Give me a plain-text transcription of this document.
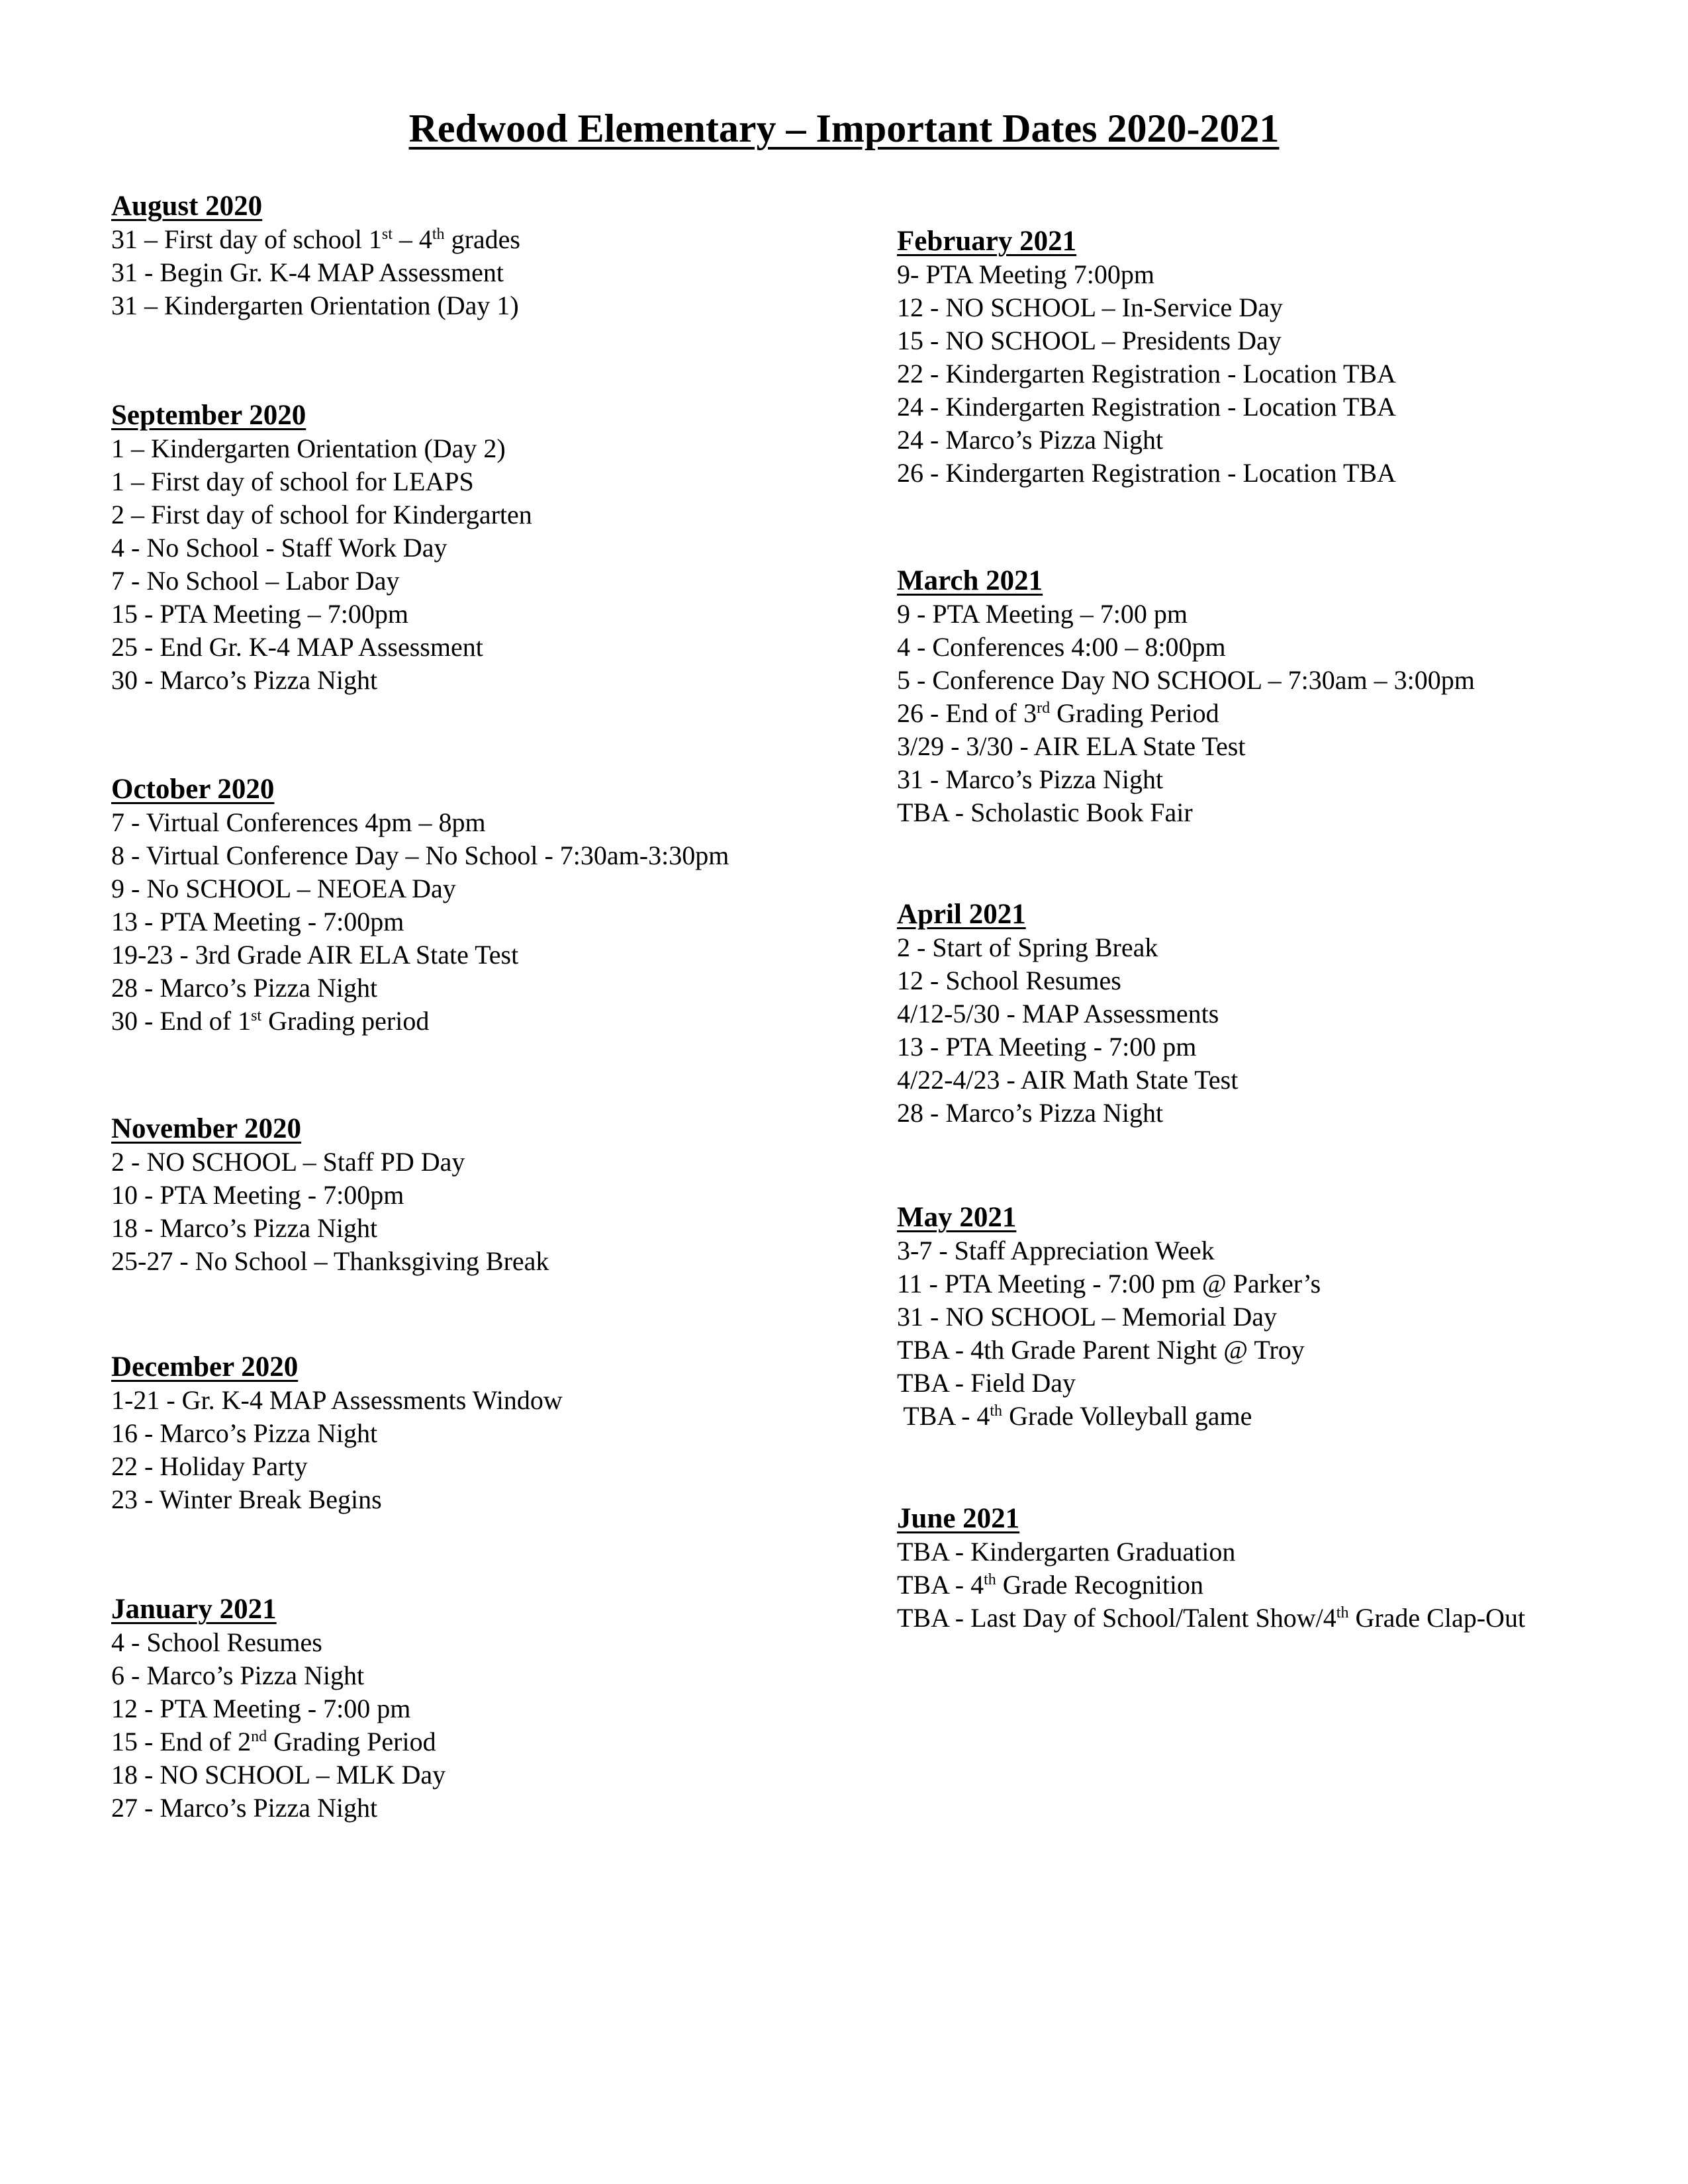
Redwood Elementary – Important Dates 2020-2021
August 2020
31 – First day of school 1st – 4th grades
31 - Begin Gr. K-4 MAP Assessment
31 – Kindergarten Orientation (Day 1)
September 2020
1 – Kindergarten Orientation (Day 2)
1 – First day of school for LEAPS
2 – First day of school for Kindergarten
4 - No School - Staff Work Day
7 - No School – Labor Day
15 - PTA Meeting – 7:00pm
25 - End Gr. K-4 MAP Assessment
30 - Marco’s Pizza Night
October 2020
7 - Virtual Conferences 4pm – 8pm
8 - Virtual Conference Day – No School - 7:30am-3:30pm
9 - No SCHOOL – NEOEA Day
13 - PTA Meeting - 7:00pm
19-23 - 3rd Grade AIR ELA State Test
28 - Marco’s Pizza Night
30 - End of 1st Grading period
November 2020
2 - NO SCHOOL – Staff PD Day
10 - PTA Meeting - 7:00pm
18 - Marco’s Pizza Night
25-27 - No School – Thanksgiving Break
December 2020
1-21 - Gr. K-4 MAP Assessments Window
16 - Marco’s Pizza Night
22 - Holiday Party
23 - Winter Break Begins
January 2021
4 - School Resumes
6 - Marco’s Pizza Night
12 - PTA Meeting - 7:00 pm
15 - End of 2nd Grading Period
18 - NO SCHOOL – MLK Day
27 - Marco’s Pizza Night
February 2021
9- PTA Meeting 7:00pm
12 - NO SCHOOL – In-Service Day
15 - NO SCHOOL – Presidents Day
22 - Kindergarten Registration - Location TBA
24 - Kindergarten Registration - Location TBA
24 - Marco’s Pizza Night
26 - Kindergarten Registration - Location TBA
March 2021
9 - PTA Meeting – 7:00 pm
4 - Conferences 4:00 – 8:00pm
5 - Conference Day NO SCHOOL – 7:30am – 3:00pm
26 - End of 3rd Grading Period
3/29 - 3/30 - AIR ELA State Test
31 - Marco’s Pizza Night
TBA - Scholastic Book Fair
April 2021
2 - Start of Spring Break
12 - School Resumes
4/12-5/30 - MAP Assessments
13 - PTA Meeting - 7:00 pm
4/22-4/23 - AIR Math State Test
28 - Marco’s Pizza Night
May 2021
3-7 - Staff Appreciation Week
11 - PTA Meeting - 7:00 pm @ Parker’s
31 - NO SCHOOL – Memorial Day
TBA - 4th Grade Parent Night @ Troy
TBA - Field Day
TBA - 4th Grade Volleyball game
June 2021
TBA - Kindergarten Graduation
TBA - 4th Grade Recognition
TBA - Last Day of School/Talent Show/4th Grade Clap-Out
